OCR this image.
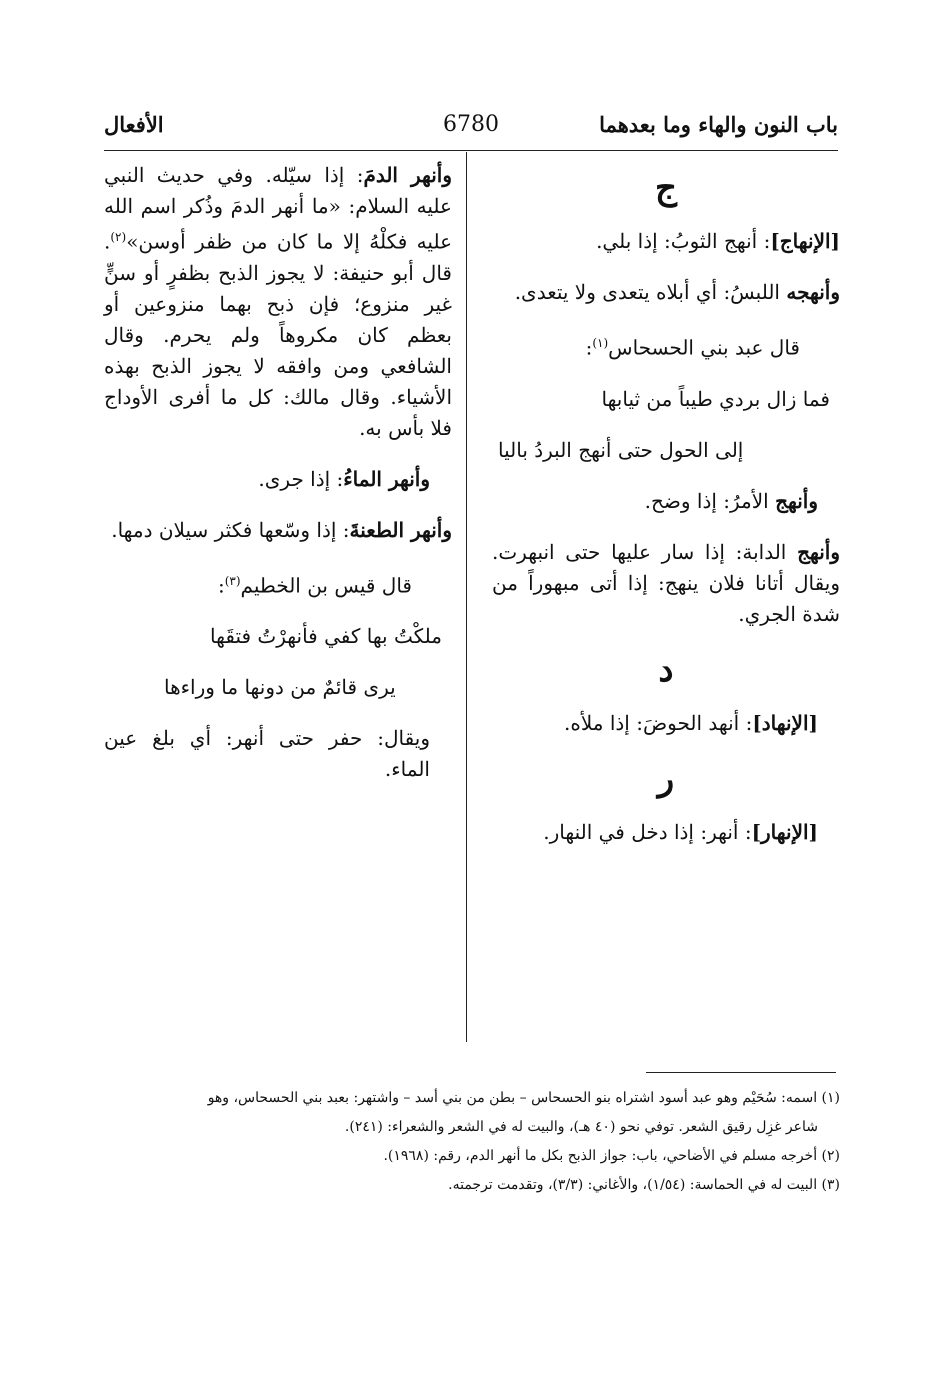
باب النون والهاء وما بعدهما
6780
الأفعال
ج
[الإنهاج]: أنهج الثوبُ: إذا بلي.
وأنهجه اللبسُ: أي أبلاه يتعدى ولا يتعدى.
قال عبد بني الحسحاس$^{(١)}$:
فما زال بردي طيباً من ثيابها
إلى الحول حتى أنهج البردُ باليا
وأنهج الأمرُ: إذا وضح.
وأنهج الدابة: إذا سار عليها حتى انبهرت. ويقال أتانا فلان ينهج: إذا أتى مبهوراً من شدة الجري.
د
[الإنهاد]: أنهد الحوضَ: إذا ملأه.
ر
[الإنهار]: أنهر: إذا دخل في النهار.
وأنهر الدمَ: إذا سيّله. وفي حديث النبي عليه السلام: «ما أنهر الدمَ وذُكر اسم الله عليه فكلْهُ إلا ما كان من ظفر أوسن»$^{(٢)}$. قال أبو حنيفة: لا يجوز الذبح بظفرٍ أو سنٍّ غير منزوع؛ فإن ذبح بهما منزوعين أو بعظم كان مكروهاً ولم يحرم. وقال الشافعي ومن وافقه لا يجوز الذبح بهذه الأشياء. وقال مالك: كل ما أفرى الأوداج فلا بأس به.
وأنهر الماءُ: إذا جرى.
وأنهر الطعنةَ: إذا وسّعها فكثر سيلان دمها.
قال قيس بن الخطيم$^{(٣)}$:
ملكْتُ بها كفي فأنهرْتُ فتقَها
يرى قائمٌ من دونها ما وراءها
ويقال: حفر حتى أنهر: أي بلغ عين الماء.
(١) اسمه: سُحَيْم وهو عبد أسود اشتراه بنو الحسحاس – بطن من بني أسد – واشتهر: بعبد بني الحسحاس، وهو
شاعر غزِل رقيق الشعر. توفي نحو (٤٠ هـ)، والبيت له في الشعر والشعراء: (٢٤١).
(٢) أخرجه مسلم في الأضاحي، باب: جواز الذبح بكل ما أنهر الدم، رقم: (١٩٦٨).
(٣) البيت له في الحماسة: (١/٥٤)، والأغاني: (٣/٣)، وتقدمت ترجمته.
